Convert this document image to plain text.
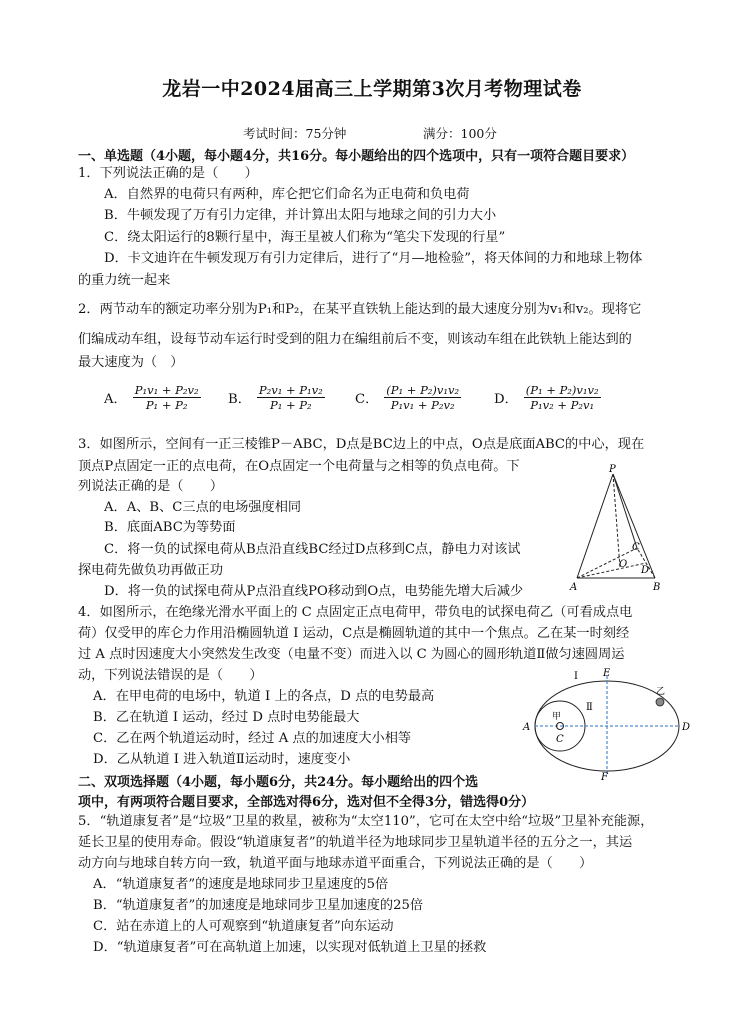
龙岩一中2024届高三上学期第3次月考物理试卷
考试时间：75分钟	满分：100分
一、单选题（4小题，每小题4分，共16分。每小题给出的四个选项中，只有一项符合题目要求）
1．下列说法正确的是（　　）
A．自然界的电荷只有两种，库仑把它们命名为正电荷和负电荷
B．牛顿发现了万有引力定律，并计算出太阳与地球之间的引力大小
C．绕太阳运行的8颗行星中，海王星被人们称为“笔尖下发现的行星”
D．卡文迪许在牛顿发现万有引力定律后，进行了“月—地检验”，将天体间的力和地球上物体
的重力统一起来
2．两节动车的额定功率分别为P₁和P₂，在某平直铁轨上能达到的最大速度分别为v₁和v₂。现将它
们编成动车组，设每节动车运行时受到的阻力在编组前后不变，则该动车组在此铁轨上能达到的
最大速度为（　）
A． $\frac{\text{P₁v₁ + P₂v₂}}{\text{P₁ + P₂}}$ B． $\frac{\text{P₂v₁ + P₁v₂}}{\text{P₁ + P₂}}$ C． $\frac{\text{(P₁ + P₂)v₁v₂}}{\text{P₁v₁ + P₂v₂}}$ D． $\frac{\text{(P₁ + P₂)v₁v₂}}{\text{P₁v₂ + P₂v₁}}$
3．如图所示，空间有一正三棱锥P－ABC，D点是BC边上的中点，O点是底面ABC的中心，现在
顶点P点固定一正的点电荷，在O点固定一个电荷量与之相等的负点电荷。下
列说法正确的是（　　）
A．A、B、C三点的电场强度相同
B．底面ABC为等势面
C．将一负的试探电荷从B点沿直线BC经过D点移到C点，静电力对该试
探电荷先做负功再做正功
D．将一负的试探电荷从P点沿直线PO移动到O点，电势能先增大后减少
P
A	B
C
D
O
4．如图所示，在绝缘光滑水平面上的 C 点固定正点电荷甲，带负电的试探电荷乙（可看成点电
荷）仅受甲的库仑力作用沿椭圆轨道 I 运动，C点是椭圆轨道的其中一个焦点。乙在某一时刻经
过 A 点时因速度大小突然发生改变（电量不变）而进入以 C 为圆心的圆形轨道Ⅱ做匀速圆周运
动，下列说法错误的是（　　）
A．在甲电荷的电场中，轨道 I 上的各点，D 点的电势最高
B．乙在轨道 I 运动，经过 D 点时电势能最大
C．乙在两个轨道运动时，经过 A 点的加速度大小相等
D．乙从轨道 I 进入轨道Ⅱ运动时，速度变小
I
Ⅱ
E
F
A	D
C
甲
乙
二、双项选择题（4小题，每小题6分，共24分。每小题给出的四个选
项中，有两项符合题目要求，全部选对得6分，选对但不全得3分，错选得0分）
5．“轨道康复者”是“垃圾”卫星的救星，被称为“太空110”，它可在太空中给“垃圾”卫星补充能源，
延长卫星的使用寿命。假设“轨道康复者”的轨道半径为地球同步卫星轨道半径的五分之一，其运
动方向与地球自转方向一致，轨道平面与地球赤道平面重合，下列说法正确的是（　　）
A．“轨道康复者”的速度是地球同步卫星速度的5倍
B．“轨道康复者”的加速度是地球同步卫星加速度的25倍
C．站在赤道上的人可观察到“轨道康复者”向东运动
D．“轨道康复者”可在高轨道上加速，以实现对低轨道上卫星的拯救
